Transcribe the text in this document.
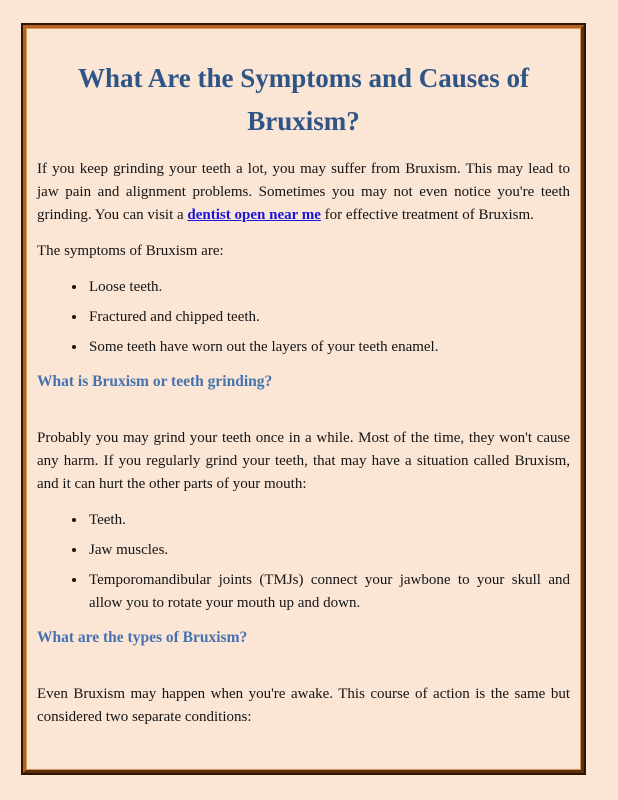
What Are the Symptoms and Causes of Bruxism?

If you keep grinding your teeth a lot, you may suffer from Bruxism. This may lead to jaw pain and alignment problems. Sometimes you may not even notice you're teeth grinding. You can visit a dentist open near me for effective treatment of Bruxism.

The symptoms of Bruxism are:

• Loose teeth.
• Fractured and chipped teeth.
• Some teeth have worn out the layers of your teeth enamel.
What is Bruxism or teeth grinding?

Probably you may grind your teeth once in a while. Most of the time, they won't cause any harm. If you regularly grind your teeth, that may have a situation called Bruxism, and it can hurt the other parts of your mouth:

• Teeth.
• Jaw muscles.
• Temporomandibular joints (TMJs) connect your jawbone to your skull and allow you to rotate your mouth up and down.
What are the types of Bruxism?

Even Bruxism may happen when you're awake. This course of action is the same but considered two separate conditions:
